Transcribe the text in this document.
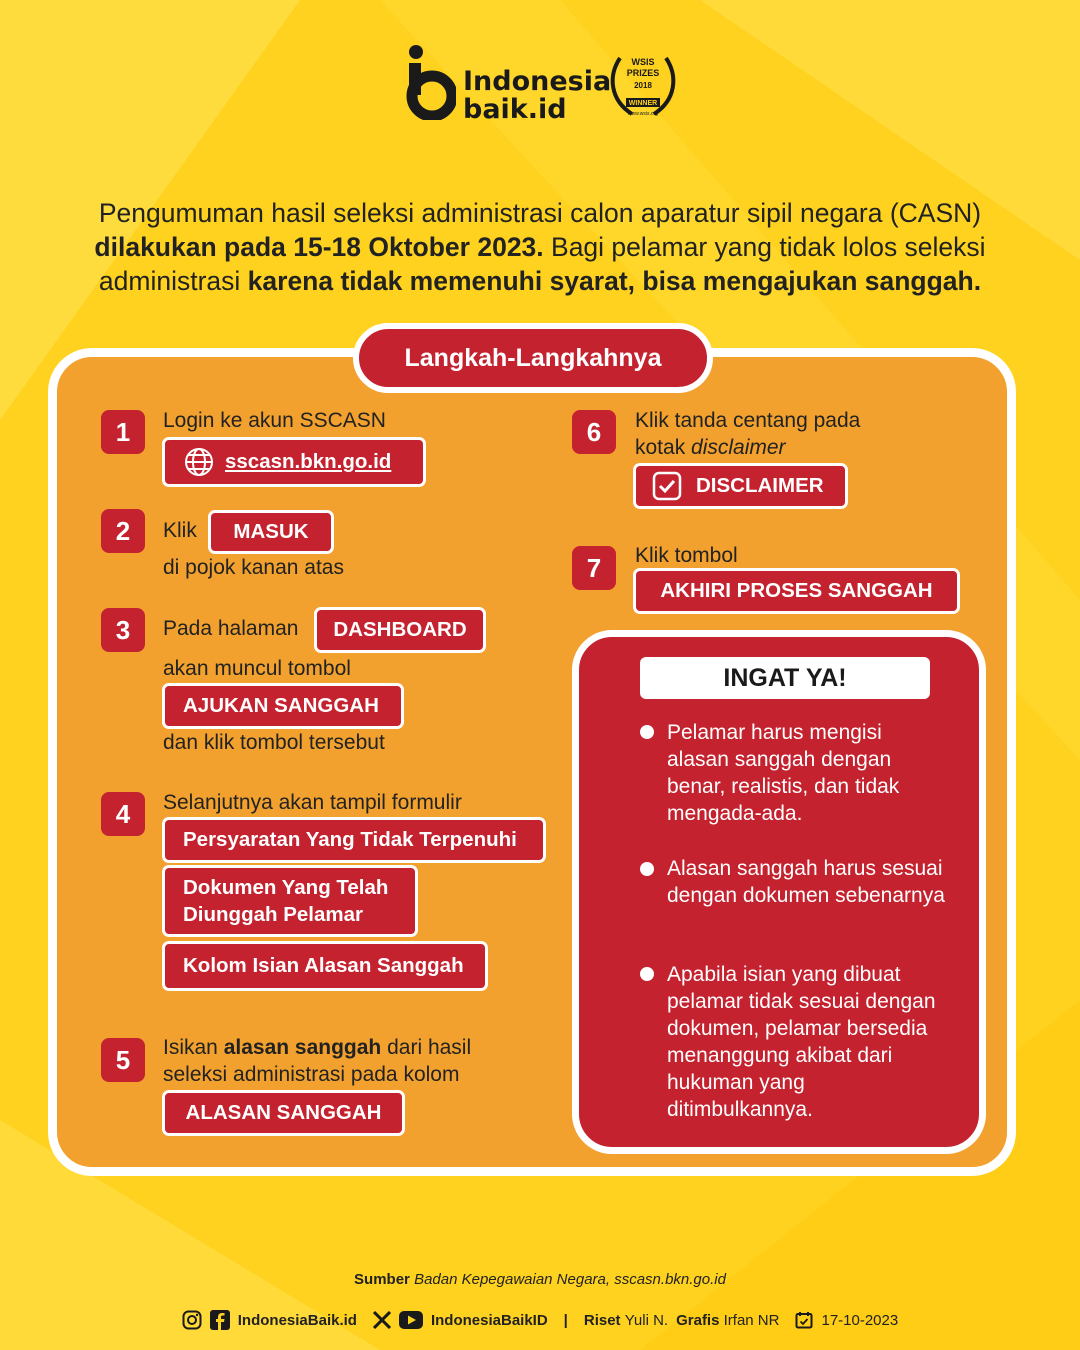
Indonesia
baik.id
WSIS
PRIZES
2018
WINNER
www.wsis.org
Pengumuman hasil seleksi administrasi calon aparatur sipil negara (CASN) dilakukan pada 15-18 Oktober 2023. Bagi pelamar yang tidak lolos seleksi administrasi karena tidak memenuhi syarat, bisa mengajukan sanggah.
Langkah-Langkahnya
1	Login ke akun SSCASN
sscasn.bkn.go.id
2	Klik	MASUK
di pojok kanan atas
3	Pada halaman	DASHBOARD
akan muncul tombol
AJUKAN SANGGAH
dan klik tombol tersebut
4	Selanjutnya akan tampil formulir
Persyaratan Yang Tidak Terpenuhi
Dokumen Yang Telah Diunggah Pelamar
Kolom Isian Alasan Sanggah
5	Isikan alasan sanggah dari hasil seleksi administrasi pada kolom
ALASAN SANGGAH
6	Klik tanda centang pada kotak disclaimer
DISCLAIMER
7	Klik tombol
AKHIRI PROSES SANGGAH
INGAT YA!
Pelamar harus mengisi alasan sanggah dengan benar, realistis, dan tidak mengada-ada.
Alasan sanggah harus sesuai dengan dokumen sebenarnya
Apabila isian yang dibuat pelamar tidak sesuai dengan dokumen, pelamar bersedia menanggung akibat dari hukuman yang ditimbulkannya.
Sumber Badan Kepegawaian Negara, sscasn.bkn.go.id
IndonesiaBaik.id	IndonesiaBaikID | Riset
Yuli N. Grafis
Irfan NR	17-10-2023
